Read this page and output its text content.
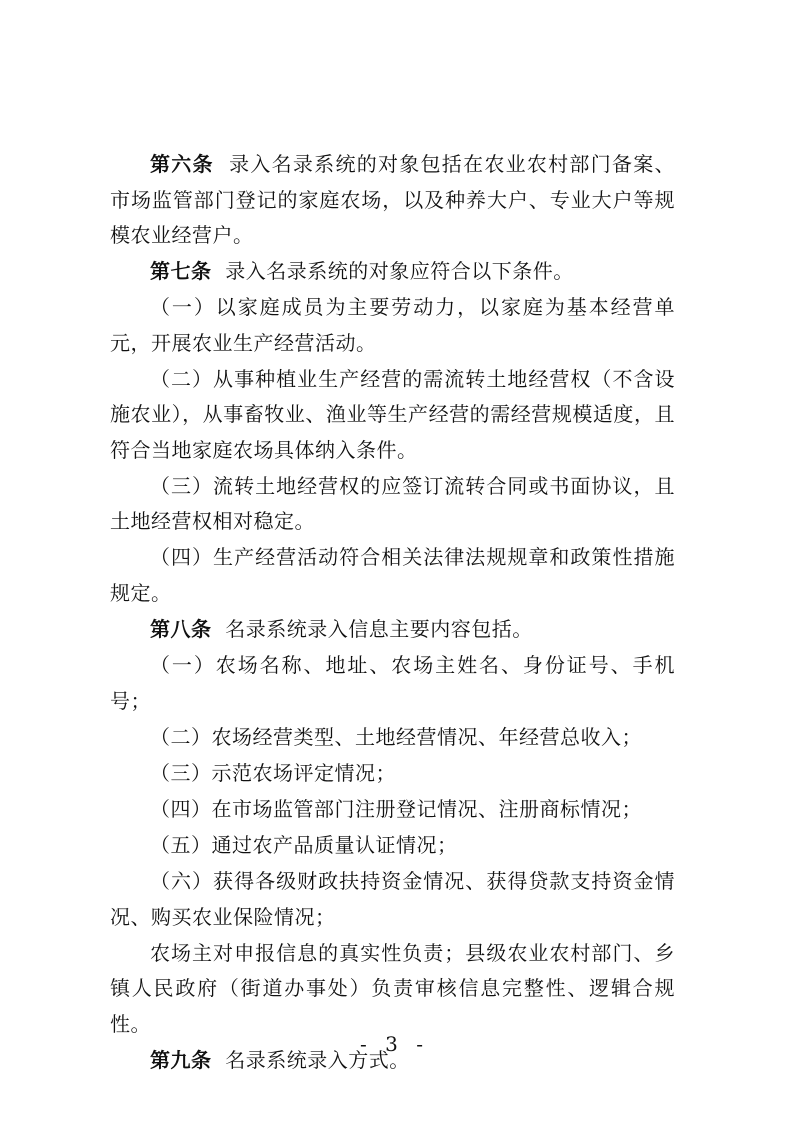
第六条 录入名录系统的对象包括在农业农村部门备案、市场监管部门登记的家庭农场，以及种养大户、专业大户等规模农业经营户。

第七条 录入名录系统的对象应符合以下条件。

（一）以家庭成员为主要劳动力，以家庭为基本经营单元，开展农业生产经营活动。

（二）从事种植业生产经营的需流转土地经营权（不含设施农业），从事畜牧业、渔业等生产经营的需经营规模适度，且符合当地家庭农场具体纳入条件。

（三）流转土地经营权的应签订流转合同或书面协议，且土地经营权相对稳定。

（四）生产经营活动符合相关法律法规规章和政策性措施规定。

第八条 名录系统录入信息主要内容包括。

（一）农场名称、地址、农场主姓名、身份证号、手机号；

（二）农场经营类型、土地经营情况、年经营总收入；

（三）示范农场评定情况；

（四）在市场监管部门注册登记情况、注册商标情况；

（五）通过农产品质量认证情况；

（六）获得各级财政扶持资金情况、获得贷款支持资金情况、购买农业保险情况；

农场主对申报信息的真实性负责；县级农业农村部门、乡镇人民政府（街道办事处）负责审核信息完整性、逻辑合规性。

第九条 名录系统录入方式。

- 3 -
